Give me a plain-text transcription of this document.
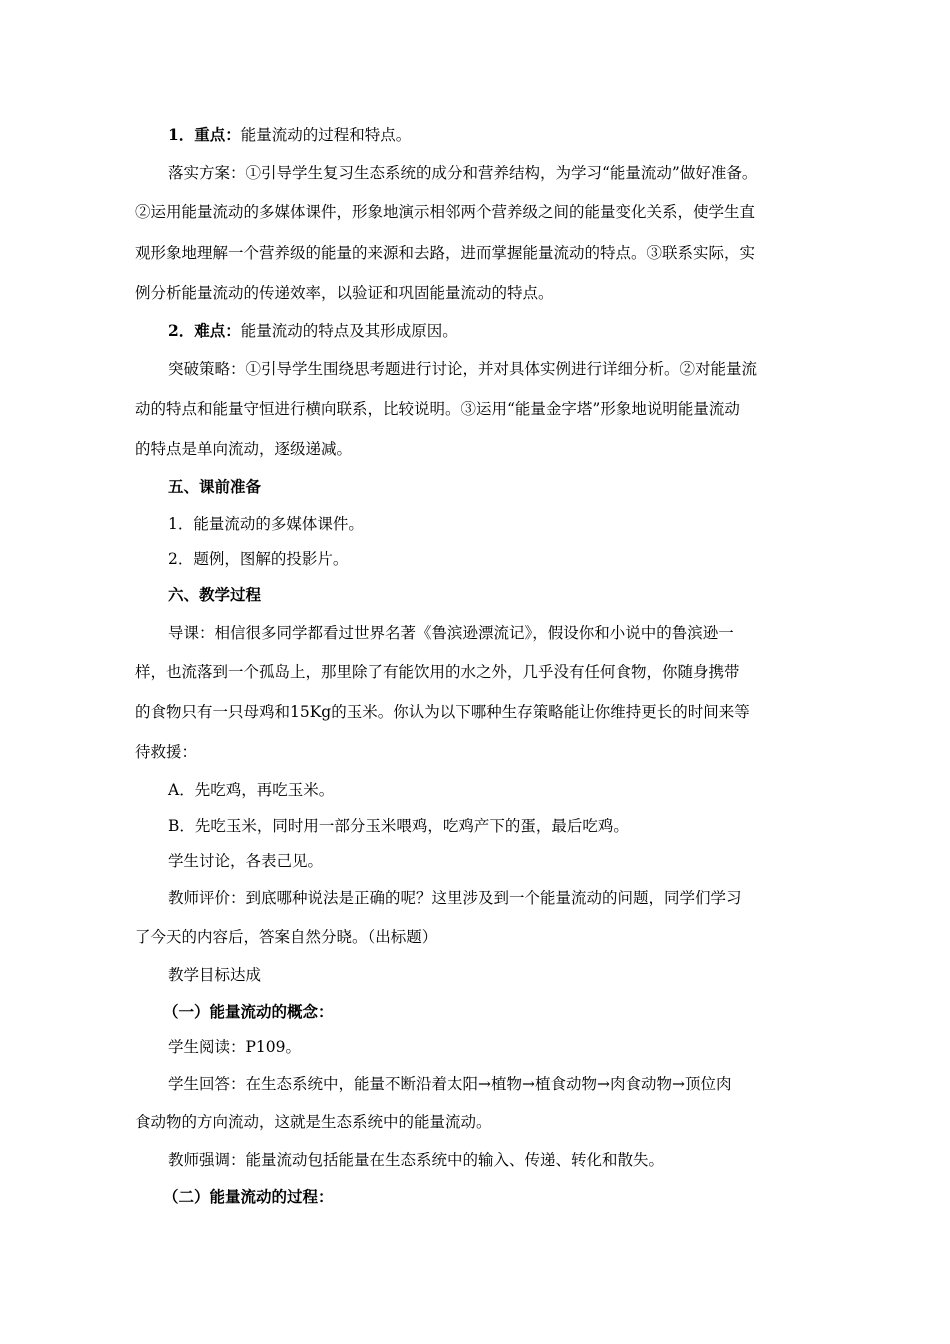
1．重点：能量流动的过程和特点。
落实方案：①引导学生复习生态系统的成分和营养结构，为学习“能量流动”做好准备。
②运用能量流动的多媒体课件，形象地演示相邻两个营养级之间的能量变化关系，使学生直
观形象地理解一个营养级的能量的来源和去路，进而掌握能量流动的特点。③联系实际，实
例分析能量流动的传递效率，以验证和巩固能量流动的特点。
2．难点：能量流动的特点及其形成原因。
突破策略：①引导学生围绕思考题进行讨论，并对具体实例进行详细分析。②对能量流
动的特点和能量守恒进行横向联系，比较说明。③运用“能量金字塔”形象地说明能量流动
的特点是单向流动，逐级递减。
五、课前准备
1．能量流动的多媒体课件。
2．题例，图解的投影片。
六、教学过程
导课：相信很多同学都看过世界名著《鲁滨逊漂流记》，假设你和小说中的鲁滨逊一
样，也流落到一个孤岛上，那里除了有能饮用的水之外，几乎没有任何食物，你随身携带
的食物只有一只母鸡和15Kg的玉米。你认为以下哪种生存策略能让你维持更长的时间来等
待救援：
A．先吃鸡，再吃玉米。
B．先吃玉米，同时用一部分玉米喂鸡，吃鸡产下的蛋，最后吃鸡。
学生讨论，各表己见。
教师评价：到底哪种说法是正确的呢？这里涉及到一个能量流动的问题，同学们学习
了今天的内容后，答案自然分晓。（出标题）
教学目标达成
（一）能量流动的概念：
学生阅读：P109。
学生回答：在生态系统中，能量不断沿着太阳→植物→植食动物→肉食动物→顶位肉
食动物的方向流动，这就是生态系统中的能量流动。
教师强调：能量流动包括能量在生态系统中的输入、传递、转化和散失。
（二）能量流动的过程：
